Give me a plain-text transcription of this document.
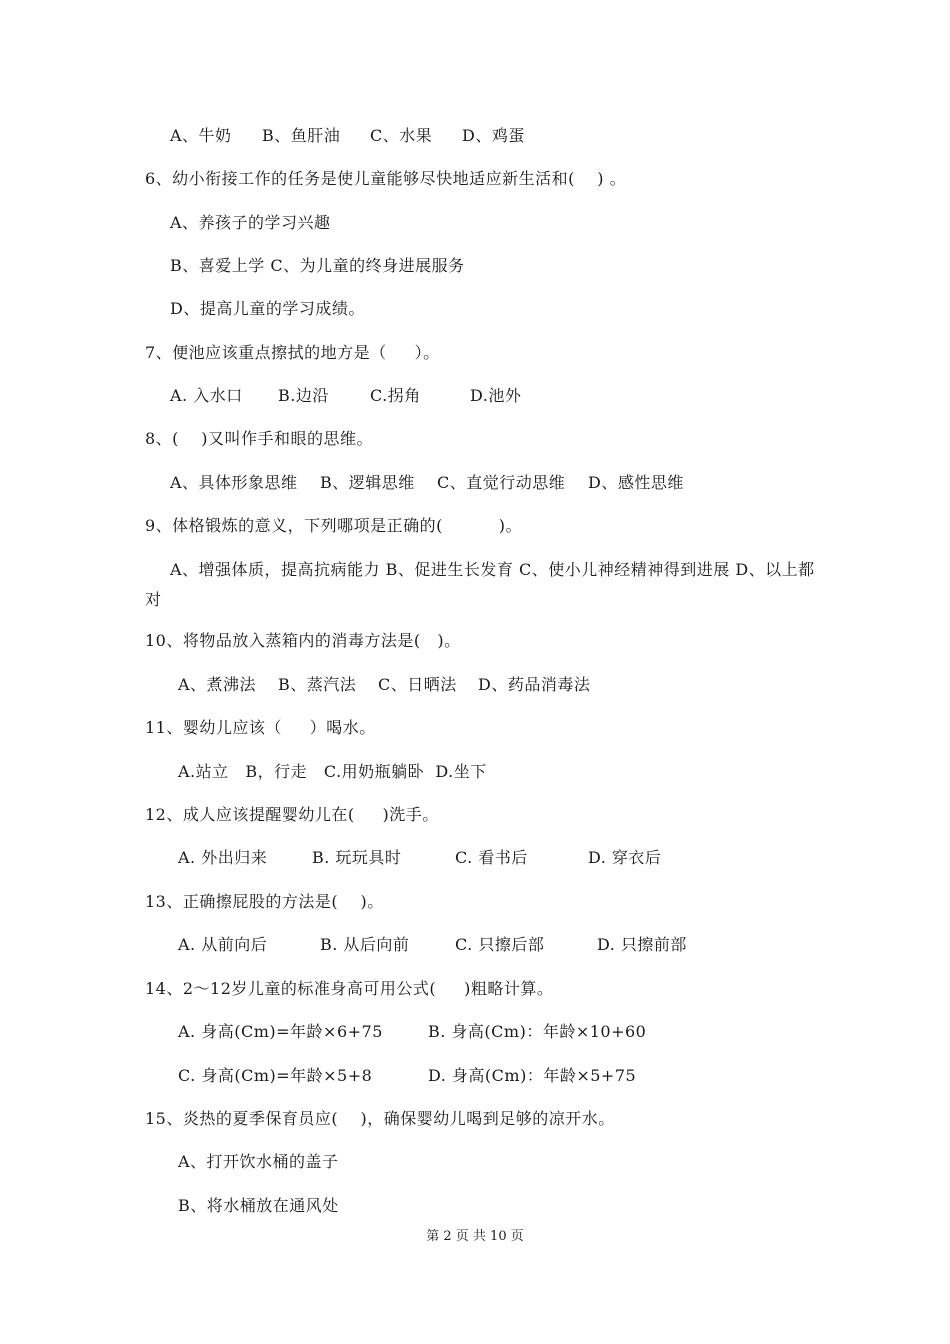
A、牛奶 B、鱼肝油 C、水果 D、鸡蛋
6、幼小衔接工作的任务是使儿童能够尽快地适应新生活和(    ) 。
A、养孩子的学习兴趣
B、喜爱上学 C、为儿童的终身进展服务
D、提高儿童的学习成绩。
7、便池应该重点擦拭的地方是（     ）。
A. 入水口 B.边沿	C.拐角	D.池外
8、(    )又叫作手和眼的思维。
A、具体形象思维 B、逻辑思维 C、直觉行动思维 D、感性思维
9、体格锻炼的意义，下列哪项是正确的(          )。
A、增强体质，提高抗病能力 B、促进生长发育 C、使小儿神经精神得到进展 D、以上都对
10、将物品放入蒸箱内的消毒方法是(   )。
A、煮沸法 B、蒸汽法 C、日晒法 D、药品消毒法
11、婴幼儿应该（     ）喝水。
A.站立   B，行走   C.用奶瓶躺卧  D.坐下
12、成人应该提醒婴幼儿在(     )洗手。
A. 外出归来	B. 玩玩具时	C. 看书后	D. 穿衣后
13、正确擦屁股的方法是(    )。
A. 从前向后	B. 从后向前	C. 只擦后部	D. 只擦前部
14、2～12岁儿童的标准身高可用公式(     )粗略计算。
A. 身高(Cm)=年龄×6+75	B. 身高(Cm)：年龄×10+60
C. 身高(Cm)=年龄×5+8	D. 身高(Cm)：年龄×5+75
15、炎热的夏季保育员应(    )，确保婴幼儿喝到足够的凉开水。
A、打开饮水桶的盖子
B、将水桶放在通风处
第 2 页 共 10 页
